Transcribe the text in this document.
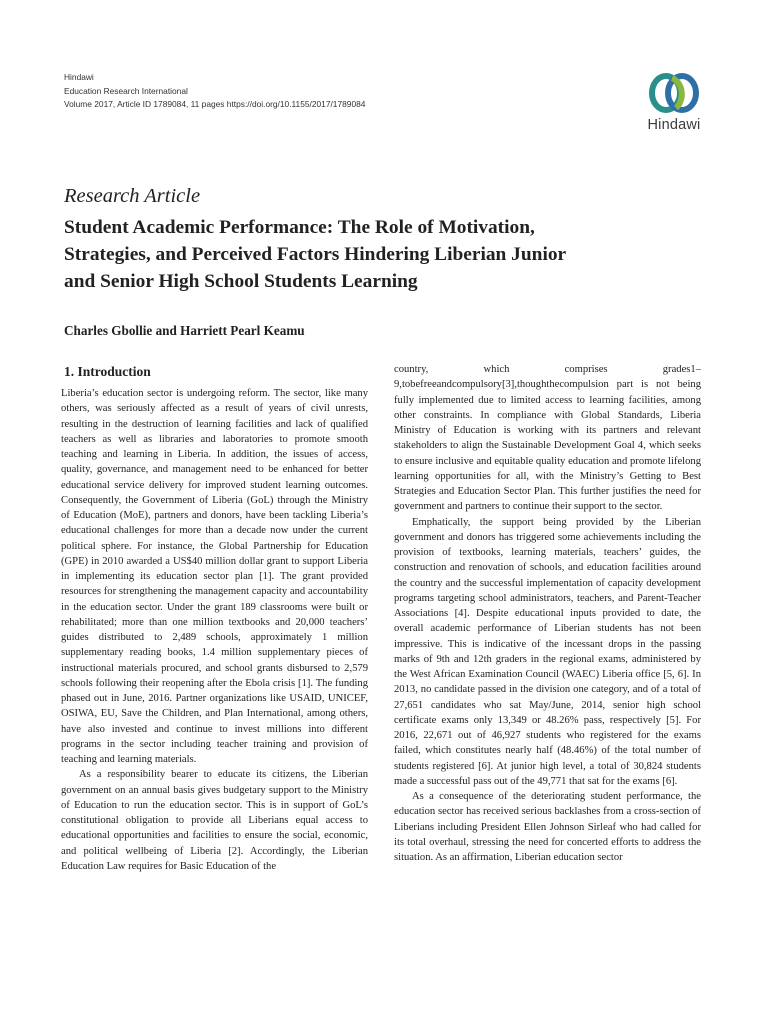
Hindawi
Education Research International
Volume 2017, Article ID 1789084, 11 pages https://doi.org/10.1155/2017/1789084
Hindawi
Research Article
Student Academic Performance: The Role of Motivation,
Strategies, and Perceived Factors Hindering Liberian Junior
and Senior High School Students Learning
Charles Gbollie and Harriett Pearl Keamu
1. Introduction

Liberia’s education sector is undergoing reform. The sector, like many others, was seriously affected as a result of years of civil unrests, resulting in the destruction of learning facilities and lack of qualified teachers as well as libraries and laboratories to promote smooth teaching and learning in Liberia. In addition, the issues of access, quality, governance, and management need to be enhanced for better educational service delivery for improved student learning outcomes. Consequently, the Government of Liberia (GoL) through the Ministry of Education (MoE), partners and donors, have been tackling Liberia’s educational challenges for more than a decade now under the current political sphere. For instance, the Global Partnership for Education (GPE) in 2010 awarded a US$40 million dollar grant to support Liberia in implementing its education sector plan [1]. The grant provided resources for strengthening the management capacity and accountability in the education sector. Under the grant 189 classrooms were built or rehabilitated; more than one million textbooks and 20,000 teachers’ guides distributed to 2,489 schools, approximately 1 million supplementary reading books, 1.4 million supplementary pieces of instructional materials procured, and school grants disbursed to 2,579 schools following their reopening after the Ebola crisis [1]. The funding phased out in June, 2016. Partner organizations like USAID, UNICEF, OSIWA, EU, Save the Children, and Plan International, among others, have also invested and continue to invest millions into different programs in the sector including teacher training and provision of teaching and learning materials.

As a responsibility bearer to educate its citizens, the Liberian government on an annual basis gives budgetary support to the Ministry of Education to run the education sector. This is in support of GoL’s constitutional obligation to provide all Liberians equal access to educational opportunities and facilities to ensure the social, economic, and political wellbeing of Liberia [2]. Accordingly, the Liberian Education Law requires for Basic Education of the

country, which comprises grades1–9,tobefreeandcompulsory[3],thoughthecompulsion part is not being fully implemented due to limited access to learning facilities, among other constraints. In compliance with Global Standards, Liberia Ministry of Education is working with its partners and relevant stakeholders to align the Sustainable Development Goal 4, which seeks to ensure inclusive and equitable quality education and promote lifelong learning opportunities for all, with the Ministry’s Getting to Best Strategies and Education Sector Plan. This further justifies the need for government and partners to continue their support to the sector.

Emphatically, the support being provided by the Liberian government and donors has triggered some achievements including the provision of textbooks, learning materials, teachers’ guides, the construction and renovation of schools, and education facilities around the country and the successful implementation of capacity development programs targeting school administrators, teachers, and Parent-Teacher Associations [4]. Despite educational inputs provided to date, the overall academic performance of Liberian students has not been impressive. This is indicative of the incessant drops in the passing marks of 9th and 12th graders in the regional exams, administered by the West African Examination Council (WAEC) Liberia office [5, 6]. In 2013, no candidate passed in the division one category, and of a total of 27,651 candidates who sat May/June, 2014, senior high school certificate exams only 13,349 or 48.26% pass, respectively [5]. For 2016, 22,671 out of 46,927 students who registered for the exams failed, which constitutes nearly half (48.46%) of the total number of students registered [6]. At junior high level, a total of 30,824 students made a successful pass out of the 49,771 that sat for the exams [6].

As a consequence of the deteriorating student performance, the education sector has received serious backlashes from a cross-section of Liberians including President Ellen Johnson Sirleaf who had called for its total overhaul, stressing the need for concerted efforts to address the situation. As an affirmation, Liberian education sector
